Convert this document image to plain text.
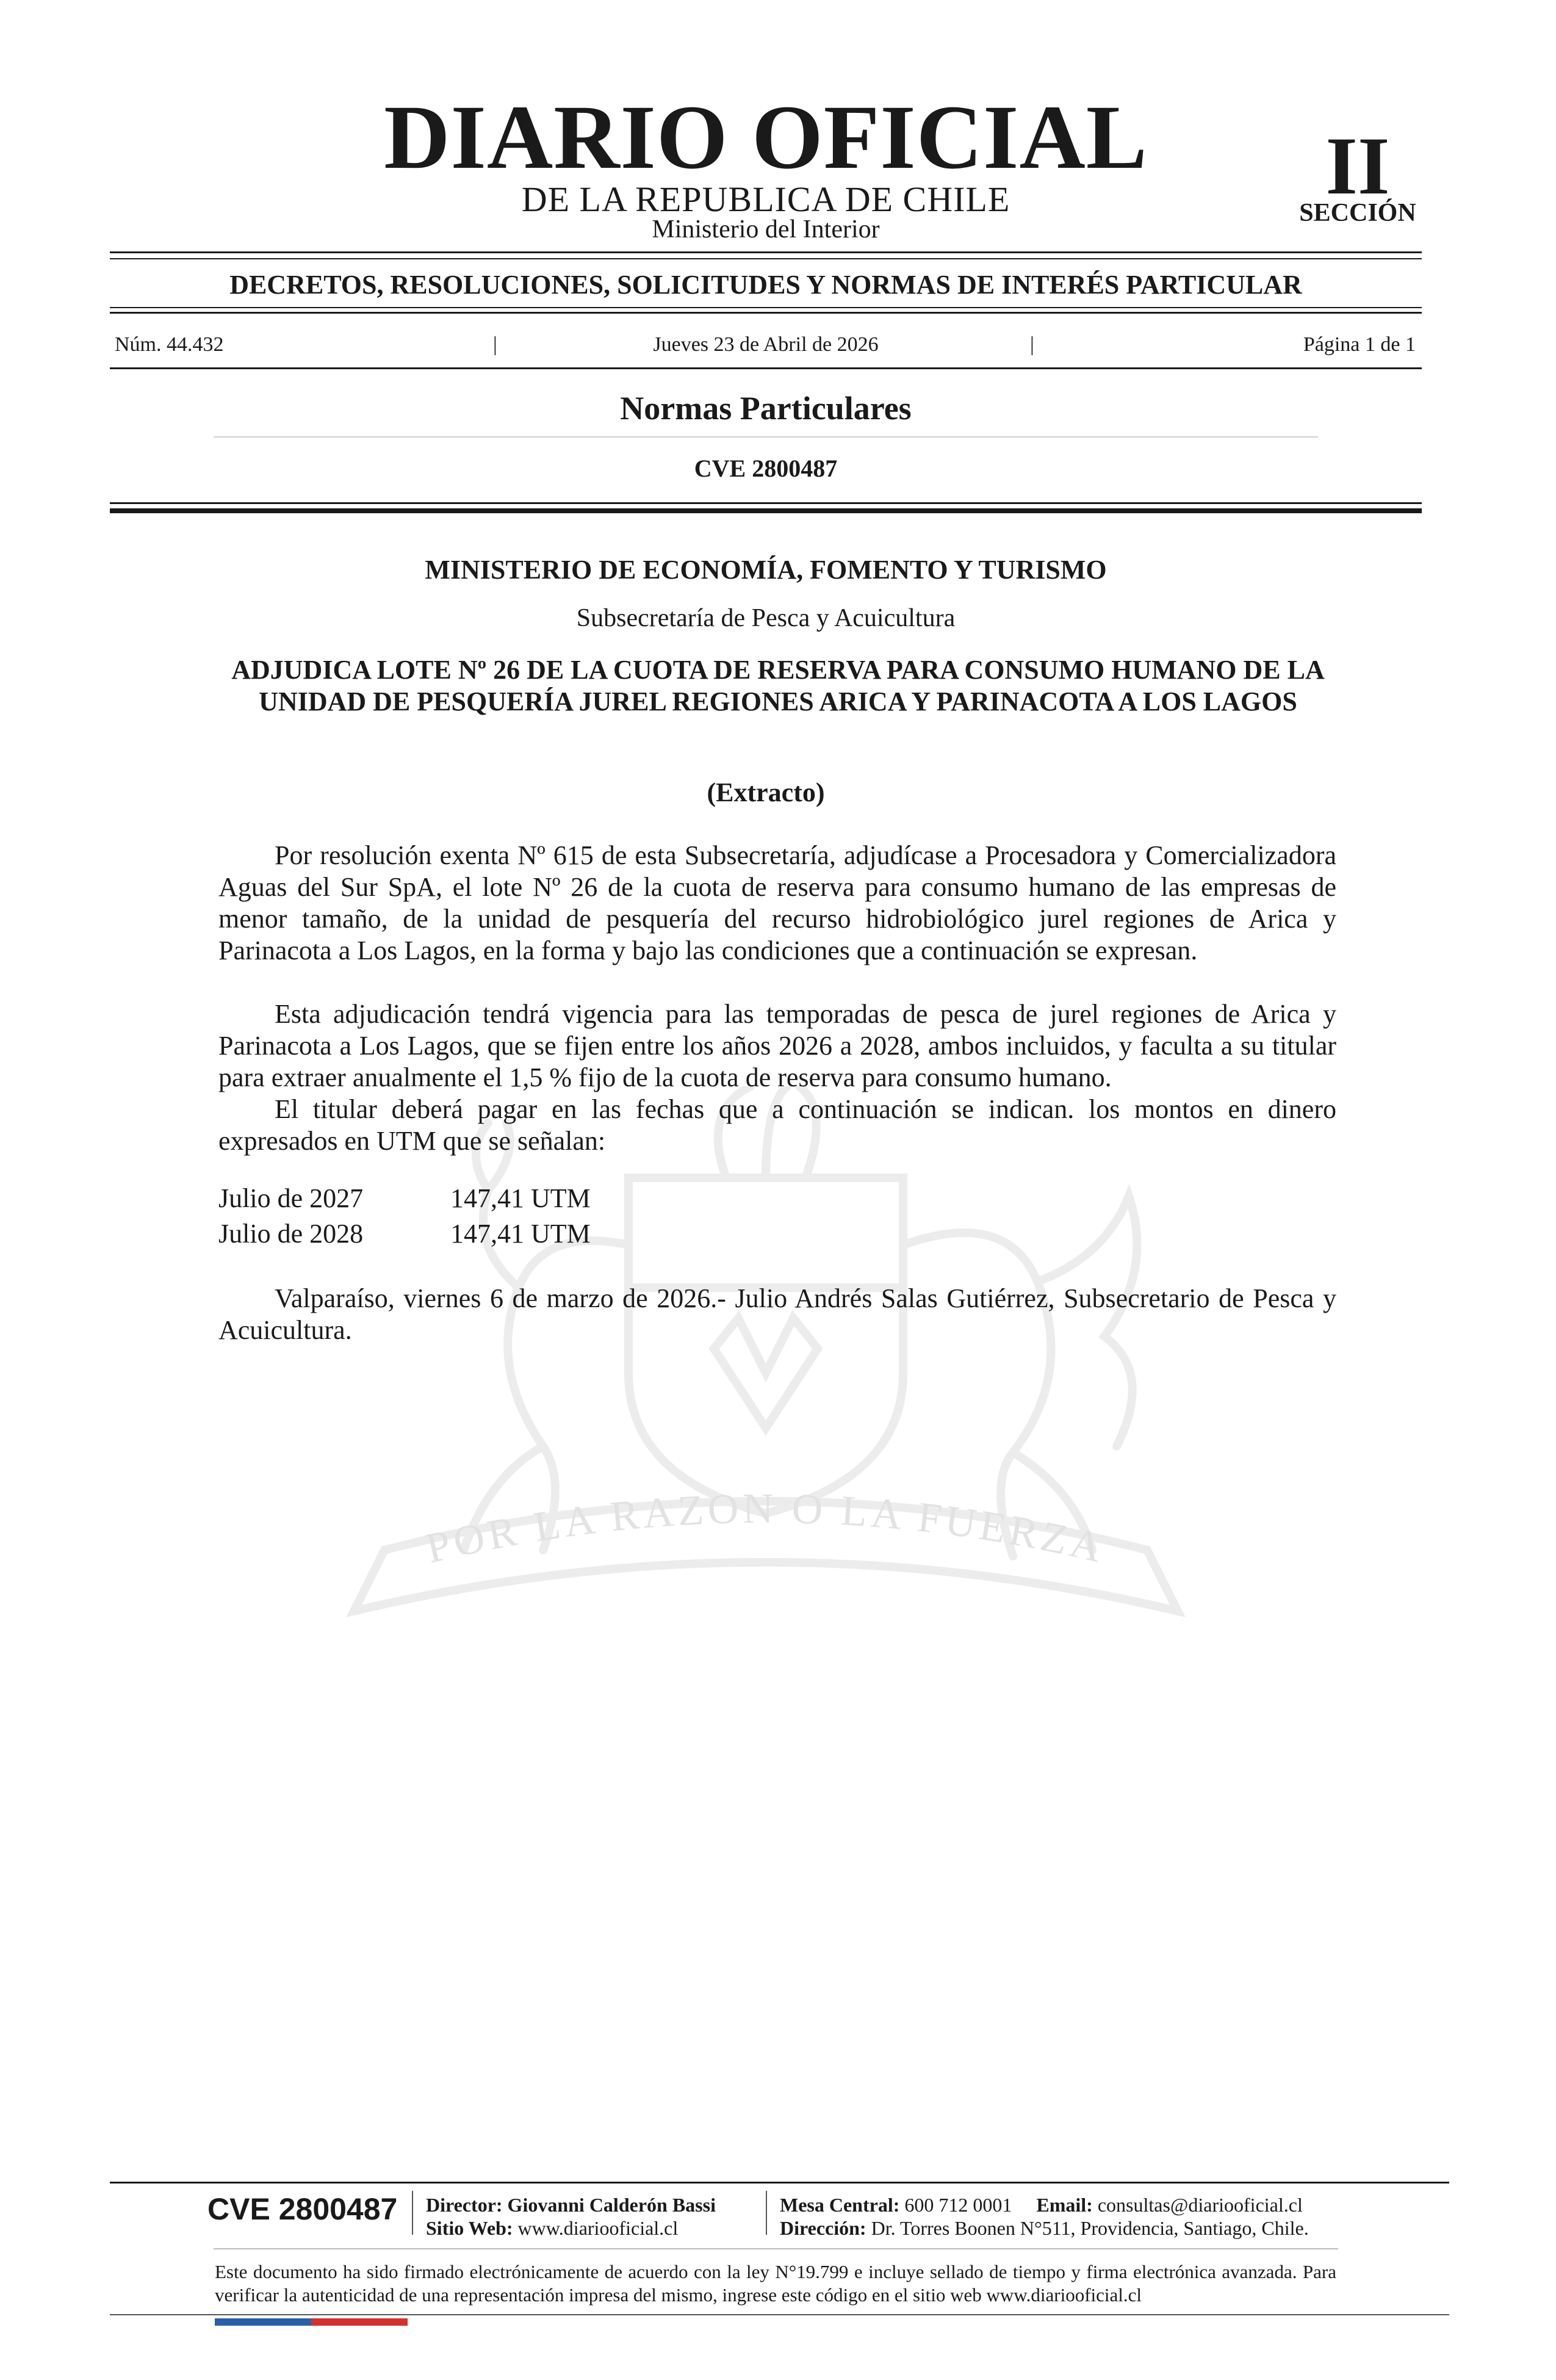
DIARIO OFICIAL
DE LA REPUBLICA DE CHILE
Ministerio del Interior
II
SECCIÓN
DECRETOS, RESOLUCIONES, SOLICITUDES Y NORMAS DE INTERÉS PARTICULAR
Núm. 44.432	|	Jueves 23 de Abril de 2026	|	Página 1 de 1
Normas Particulares
CVE 2800487
POR LA RAZON O LA FUERZA
MINISTERIO DE ECONOMÍA, FOMENTO Y TURISMO
Subsecretaría de Pesca y Acuicultura
ADJUDICA LOTE Nº 26 DE LA CUOTA DE RESERVA PARA CONSUMO HUMANO DE LA UNIDAD DE PESQUERÍA JUREL REGIONES ARICA Y PARINACOTA A LOS LAGOS
(Extracto)

Por resolución exenta Nº 615 de esta Subsecretaría, adjudícase a Procesadora y Comercializadora Aguas del Sur SpA, el lote Nº 26 de la cuota de reserva para consumo humano de las empresas de menor tamaño, de la unidad de pesquería del recurso hidrobiológico jurel regiones de Arica y Parinacota a Los Lagos, en la forma y bajo las condiciones que a continuación se expresan.

Esta adjudicación tendrá vigencia para las temporadas de pesca de jurel regiones de Arica y Parinacota a Los Lagos, que se fijen entre los años 2026 a 2028, ambos incluidos, y faculta a su titular para extraer anualmente el 1,5 % fijo de la cuota de reserva para consumo humano.

El titular deberá pagar en las fechas que a continuación se indican. los montos en dinero expresados en UTM que se señalan:

Julio de 2027	147,41 UTM
Julio de 2028	147,41 UTM

Valparaíso, viernes 6 de marzo de 2026.- Julio Andrés Salas Gutiérrez, Subsecretario de Pesca y Acuicultura.

CVE 2800487 Director: Giovanni Calderón Bassi
Sitio Web: www.diariooficial.cl
Mesa Central: 600 712 0001 Email: consultas@diariooficial.cl
Dirección: Dr. Torres Boonen N°511, Providencia, Santiago, Chile.

Este documento ha sido firmado electrónicamente de acuerdo con la ley N°19.799 e incluye sellado de tiempo y firma electrónica avanzada. Para verificar la autenticidad de una representación impresa del mismo, ingrese este código en el sitio web www.diariooficial.cl
